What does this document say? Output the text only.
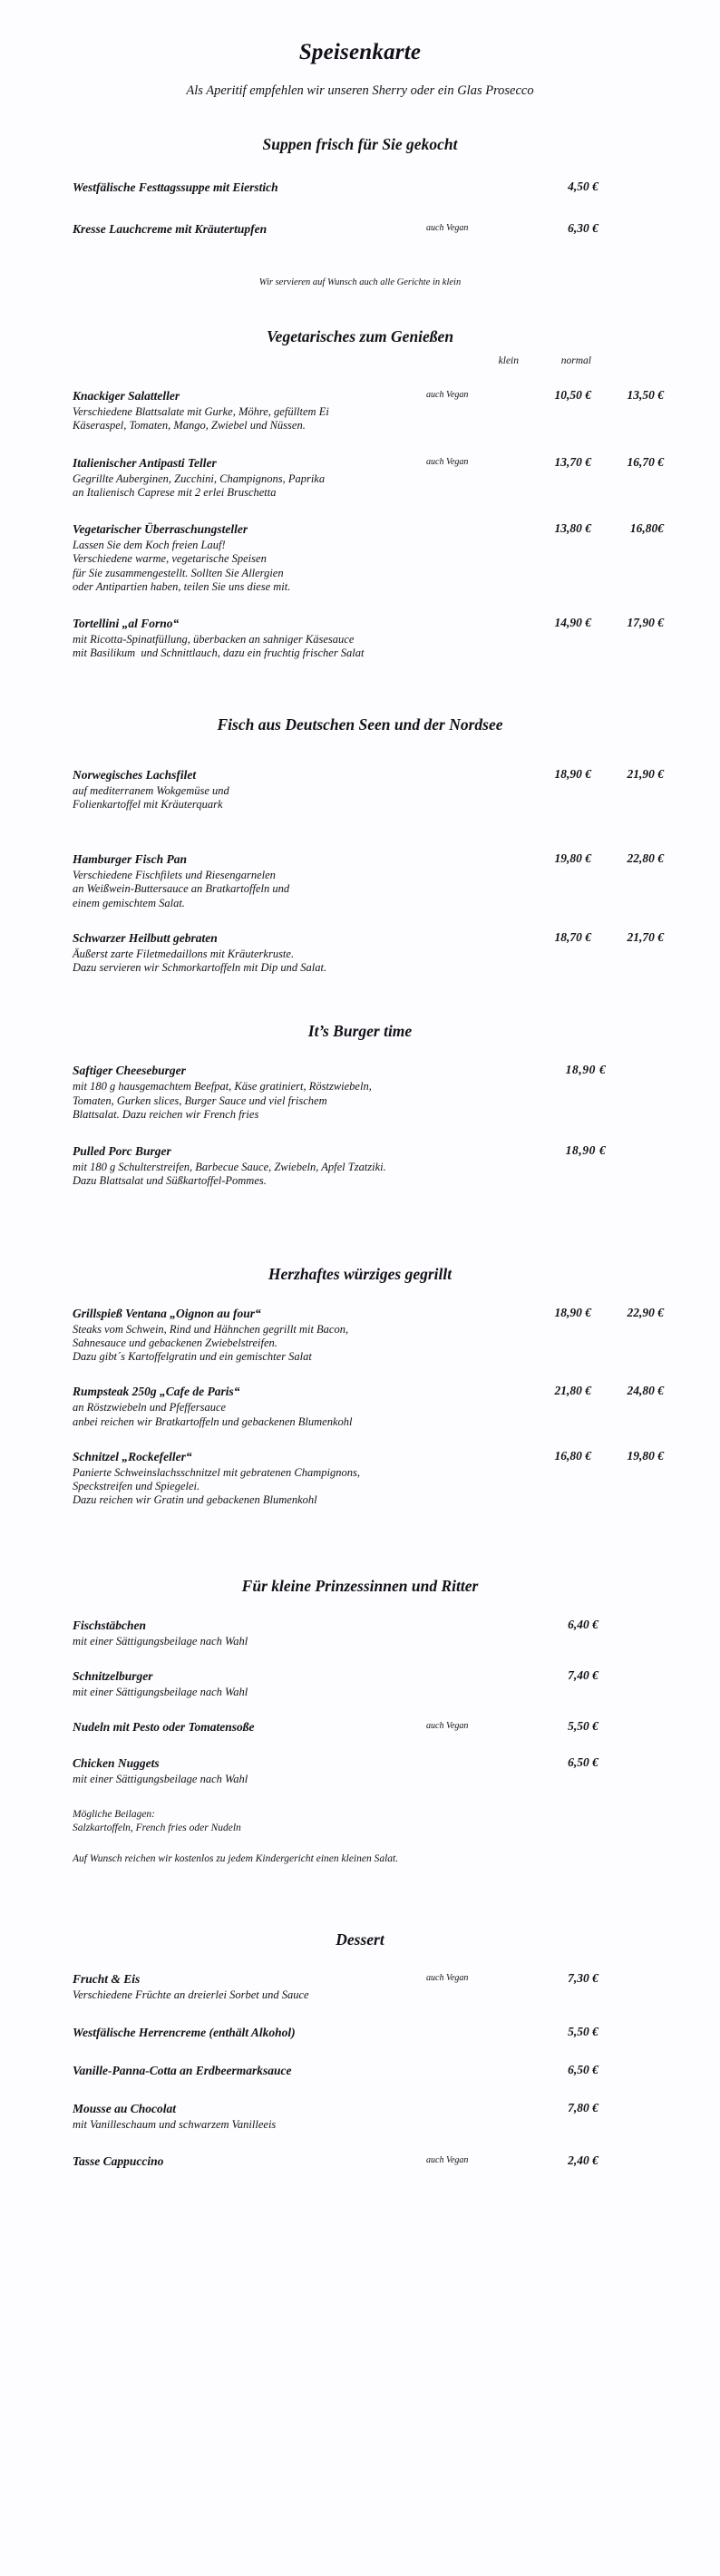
Speisenkarte

Als Aperitif empfehlen wir unseren Sherry oder ein Glas Prosecco

Suppen frisch für Sie gekocht
Westfälische Festtagssuppe mit Eierstich	4,50 €
Kresse Lauchcreme mit Kräutertupfen	auch Vegan	6,30 €

Wir servieren auf Wunsch auch alle Gerichte in klein

Vegetarisches zum Genießen
klein	normal
Knackiger Salatteller	auch Vegan	10,50 €	13,50 €
Verschiedene Blattsalate mit Gurke, Möhre, gefülltem Ei
Käseraspel, Tomaten, Mango, Zwiebel und Nüssen.
Italienischer Antipasti Teller	auch Vegan	13,70 €	16,70 €
Gegrillte Auberginen, Zucchini, Champignons, Paprika
an Italienisch Caprese mit 2 erlei Bruschetta
Vegetarischer Überraschungsteller	13,80 €	16,80€
Lassen Sie dem Koch freien Lauf!
Verschiedene warme, vegetarische Speisen
für Sie zusammengestellt. Sollten Sie Allergien
oder Antipartien haben, teilen Sie uns diese mit.
Tortellini „al Forno“	14,90 €	17,90 €
mit Ricotta-Spinatfüllung, überbacken an sahniger Käsesauce
mit Basilikum  und Schnittlauch, dazu ein fruchtig frischer Salat
Fisch aus Deutschen Seen und der Nordsee
Norwegisches Lachsfilet	18,90 €	21,90 €
auf mediterranem Wokgemüse und
Folienkartoffel mit Kräuterquark
Hamburger Fisch Pan	19,80 €	22,80 €
Verschiedene Fischfilets und Riesengarnelen
an Weißwein-Buttersauce an Bratkartoffeln und
einem gemischtem Salat.
Schwarzer Heilbutt gebraten	18,70 €	21,70 €
Äußerst zarte Filetmedaillons mit Kräuterkruste.
Dazu servieren wir Schmorkartoffeln mit Dip und Salat.
It’s Burger time
Saftiger Cheeseburger	18,90 €
mit 180 g hausgemachtem Beefpat, Käse gratiniert, Röstzwiebeln,
Tomaten, Gurken slices, Burger Sauce und viel frischem
Blattsalat. Dazu reichen wir French fries
Pulled Porc Burger	18,90 €
mit 180 g Schulterstreifen, Barbecue Sauce, Zwiebeln, Apfel Tzatziki.
Dazu Blattsalat und Süßkartoffel-Pommes.
Herzhaftes würziges gegrillt
Grillspieß Ventana „Oignon au four“	18,90 €	22,90 €
Steaks vom Schwein, Rind und Hähnchen gegrillt mit Bacon,
Sahnesauce und gebackenen Zwiebelstreifen.
Dazu gibt´s Kartoffelgratin und ein gemischter Salat
Rumpsteak 250g „Cafe de Paris“	21,80 €	24,80 €
an Röstzwiebeln und Pfeffersauce
anbei reichen wir Bratkartoffeln und gebackenen Blumenkohl
Schnitzel „Rockefeller“	16,80 €	19,80 €
Panierte Schweinslachsschnitzel mit gebratenen Champignons,
Speckstreifen und Spiegelei.
Dazu reichen wir Gratin und gebackenen Blumenkohl
Für kleine Prinzessinnen und Ritter
Fischstäbchen	6,40 €
mit einer Sättigungsbeilage nach Wahl
Schnitzelburger	7,40 €
mit einer Sättigungsbeilage nach Wahl
Nudeln mit Pesto oder Tomatensoße	auch Vegan	5,50 €
Chicken Nuggets	6,50 €
mit einer Sättigungsbeilage nach Wahl
Mögliche Beilagen:
Salzkartoffeln, French fries oder Nudeln
Auf Wunsch reichen wir kostenlos zu jedem Kindergericht einen kleinen Salat.
Dessert
Frucht & Eis	auch Vegan	7,30 €
Verschiedene Früchte an dreierlei Sorbet und Sauce
Westfälische Herrencreme (enthält Alkohol)	5,50 €
Vanille-Panna-Cotta an Erdbeermarksauce	6,50 €
Mousse au Chocolat	7,80 €
mit Vanilleschaum und schwarzem Vanilleeis
Tasse Cappuccino	auch Vegan	2,40 €
